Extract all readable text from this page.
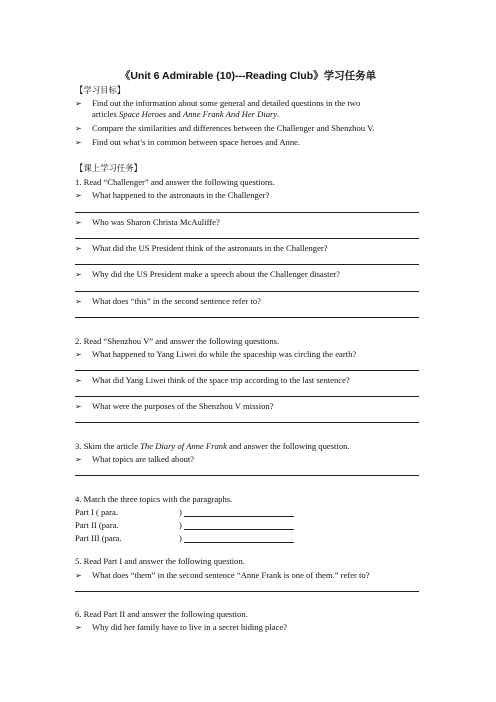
《Unit 6 Admirable (10)---Reading Club》学习任务单
【学习目标】
➢ Find out the information about some general and detailed questions in the two
articles Space Heroes and Anne Frank And Her Diary.
➢ Compare the similarities and differences between the Challenger and Shenzhou V.
➢ Find out what’s in common between space heroes and Anne.
【课上学习任务】
1. Read “Challenger” and answer the following questions.
➢ What happened to the astronauts in the Challenger?
➢ Who was Sharon Christa McAuliffe?
➢ What did the US President think of the astronauts in the Challenger?
➢ Why did the US President make a speech about the Challenger disaster?
➢ What does “this” in the second sentence refer to?
2. Read “Shenzhou V” and answer the following questions.
➢ What happened to Yang Liwei do while the spaceship was circling the earth?
➢ What did Yang Liwei think of the space trip according to the last sentence?
➢ What were the purposes of the Shenzhou V mission?
3. Skim the article The Diary of Anne Frank and answer the following question.
➢ What topics are talked about?
4. Match the three topics with the paragraphs.
Part I ( para.	)
Part II (para.	)
Part III (para.	)
5. Read Part I and answer the following question.
➢ What does “them” in the second sentence “Anne Frank is one of them.” refer to?
6. Read Part II and answer the following question.
➢ Why did her family have to live in a secret hiding place?
